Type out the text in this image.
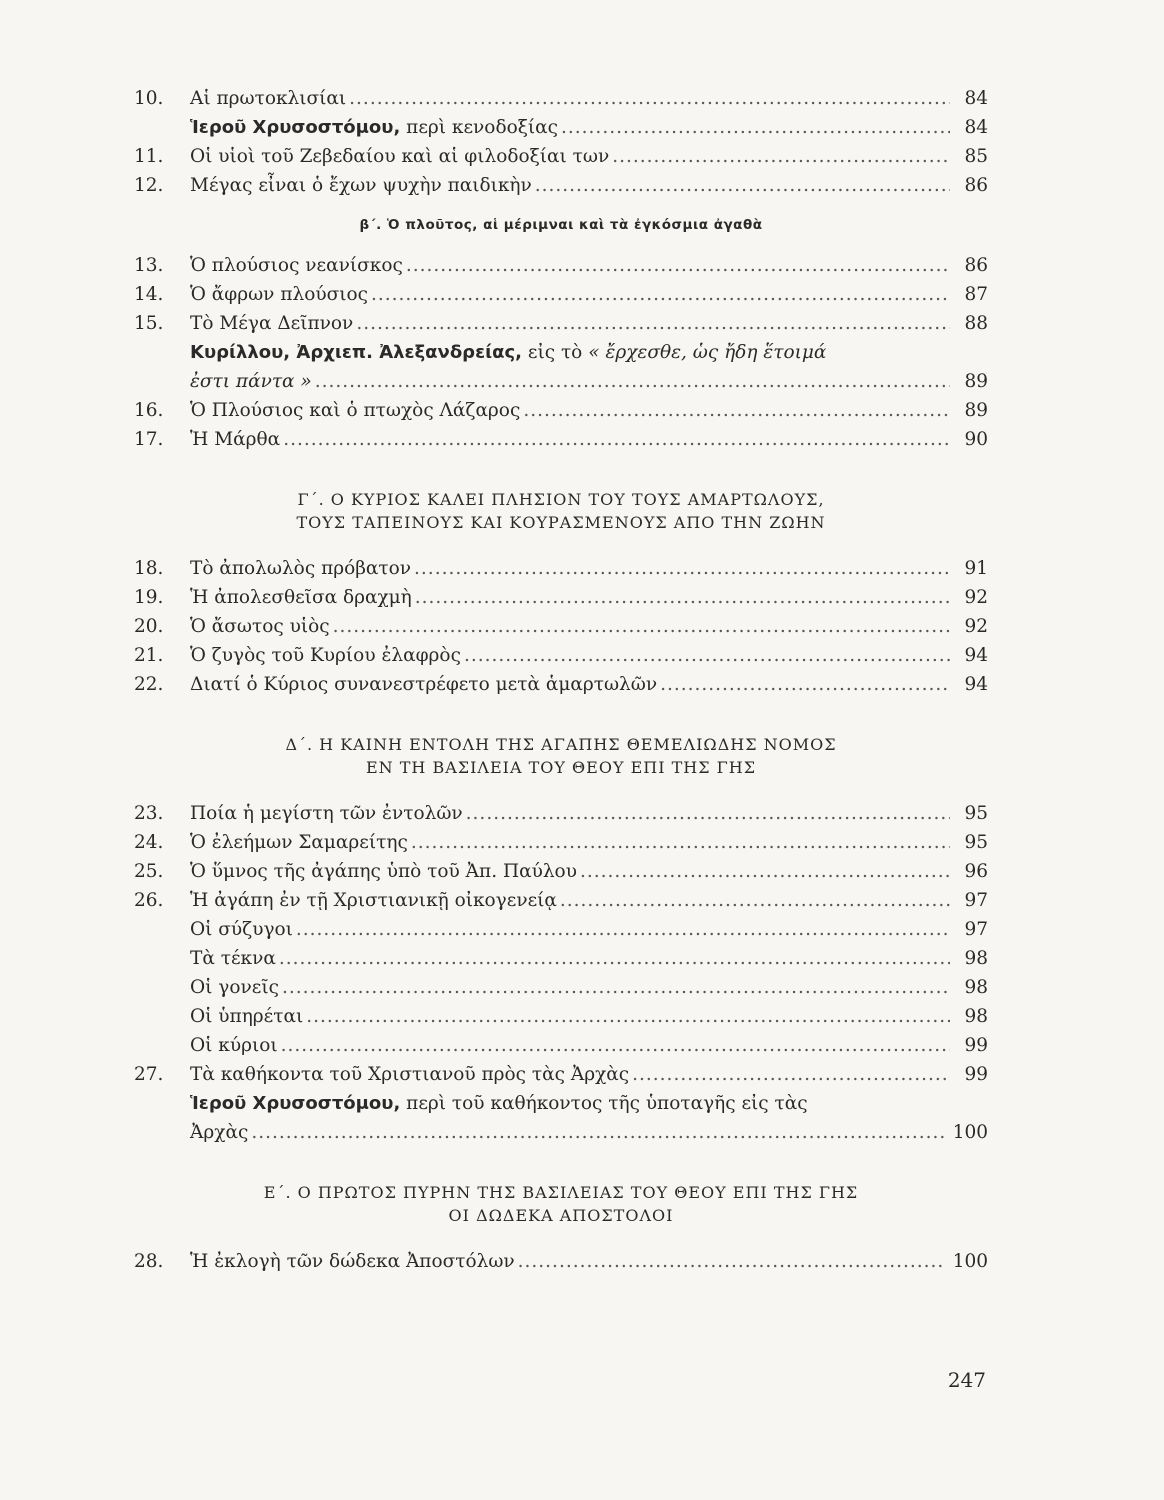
10.	Αἱ πρωτοκλισίαι .....	84
Ἱεροῦ Χρυσοστόμου, περὶ κενοδοξίας .....	84
11.	Οἱ υἱοὶ τοῦ Ζεβεδαίου καὶ αἱ φιλοδοξίαι των .....	85
12.	Μέγας εἶναι ὁ ἔχων ψυχὴν παιδικὴν .....	86
β΄. Ὁ πλοῦτος, αἱ μέριμναι καὶ τὰ ἐγκόσμια ἀγαθὰ
13.	Ὁ πλούσιος νεανίσκος .....	86
14.	Ὁ ἄφρων πλούσιος .....	87
15.	Τὸ Μέγα Δεῖπνον .....	88
Κυρίλλου, Ἀρχιεπ. Ἀλεξανδρείας, εἰς τὸ « ἔρχεσθε, ὡς ἤδη ἕτοιμά
ἐστι πάντα » .....	89
16.	Ὁ Πλούσιος καὶ ὁ πτωχὸς Λάζαρος .....	89
17.	Ἡ Μάρθα .....	90
Γ΄. Ο ΚΥΡΙΟΣ ΚΑΛΕΙ ΠΛΗΣΙΟΝ ΤΟΥ ΤΟΥΣ ΑΜΑΡΤΩΛΟΥΣ,
ΤΟΥΣ ΤΑΠΕΙΝΟΥΣ ΚΑΙ ΚΟΥΡΑΣΜΕΝΟΥΣ ΑΠΟ ΤΗΝ ΖΩΗΝ
18.	Τὸ ἀπολωλὸς πρόβατον .....	91
19.	Ἡ ἀπολεσθεῖσα δραχμὴ .....	92
20.	Ὁ ἄσωτος υἱὸς .....	92
21.	Ὁ ζυγὸς τοῦ Κυρίου ἐλαφρὸς .....	94
22.	Διατί ὁ Κύριος συνανεστρέφετο μετὰ ἁμαρτωλῶν .....	94
Δ΄. Η ΚΑΙΝΗ ΕΝΤΟΛΗ ΤΗΣ ΑΓΑΠΗΣ ΘΕΜΕΛΙΩΔΗΣ ΝΟΜΟΣ
ΕΝ ΤΗ ΒΑΣΙΛΕΙΑ ΤΟΥ ΘΕΟΥ ΕΠΙ ΤΗΣ ΓΗΣ
23.	Ποία ἡ μεγίστη τῶν ἐντολῶν .....	95
24.	Ὁ ἐλεήμων Σαμαρείτης .....	95
25.	Ὁ ὕμνος τῆς ἀγάπης ὑπὸ τοῦ Ἀπ. Παύλου .....	96
26.	Ἡ ἀγάπη ἐν τῇ Χριστιανικῇ οἰκογενείᾳ .....	97
Οἱ σύζυγοι .....	97
Τὰ τέκνα .....	98
Οἱ γονεῖς .....	98
Οἱ ὑπηρέται .....	98
Οἱ κύριοι .....	99
27.	Τὰ καθήκοντα τοῦ Χριστιανοῦ πρὸς τὰς Ἀρχὰς .....	99
Ἱεροῦ Χρυσοστόμου, περὶ τοῦ καθήκοντος τῆς ὑποταγῆς εἰς τὰς
Ἀρχὰς .....	100
Ε΄. Ο ΠΡΩΤΟΣ ΠΥΡΗΝ ΤΗΣ ΒΑΣΙΛΕΙΑΣ ΤΟΥ ΘΕΟΥ ΕΠΙ ΤΗΣ ΓΗΣ
ΟΙ ΔΩΔΕΚΑ ΑΠΟΣΤΟΛΟΙ
28.	Ἡ ἐκλογὴ τῶν δώδεκα Ἀποστόλων .....	100
247
